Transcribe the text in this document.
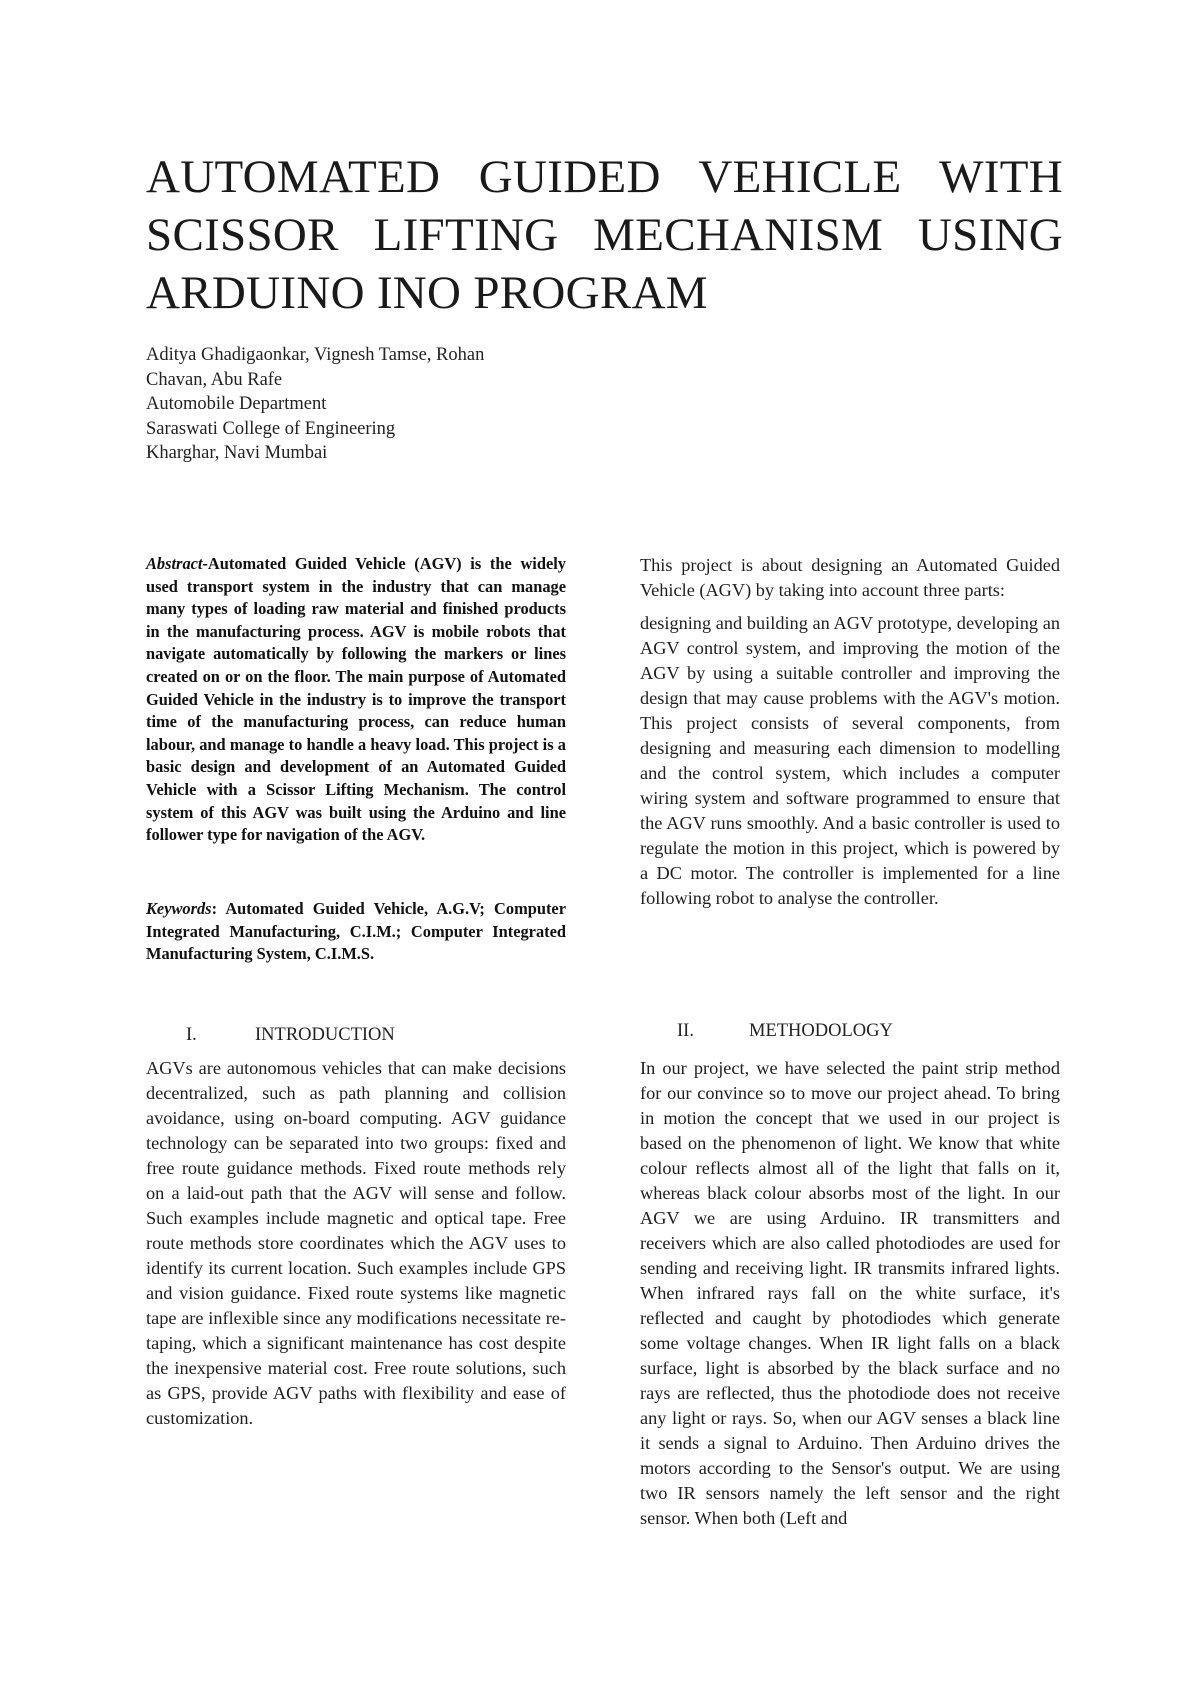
AUTOMATED GUIDED VEHICLE WITH
SCISSOR LIFTING MECHANISM USING
ARDUINO INO PROGRAM
Aditya Ghadigaonkar, Vignesh Tamse, Rohan
Chavan, Abu Rafe
Automobile Department
Saraswati College of Engineering
Kharghar, Navi Mumbai
Abstract-Automated Guided Vehicle (AGV) is the widely used transport system in the industry that can manage many types of loading raw material and finished products in the manufacturing process. AGV is mobile robots that navigate automatically by following the markers or lines created on or on the floor. The main purpose of Automated Guided Vehicle in the industry is to improve the transport time of the manufacturing process, can reduce human labour, and manage to handle a heavy load. This project is a basic design and development of an Automated Guided Vehicle with a Scissor Lifting Mechanism. The control system of this AGV was built using the Arduino and line follower type for navigation of the AGV.
Keywords: Automated Guided Vehicle, A.G.V; Computer Integrated Manufacturing, C.I.M.; Computer Integrated Manufacturing System, C.I.M.S.
I.	INTRODUCTION

AGVs are autonomous vehicles that can make decisions decentralized, such as path planning and collision avoidance, using on-board computing. AGV guidance technology can be separated into two groups: fixed and free route guidance methods. Fixed route methods rely on a laid-out path that the AGV will sense and follow. Such examples include magnetic and optical tape. Free route methods store coordinates which the AGV uses to identify its current location. Such examples include GPS and vision guidance. Fixed route systems like magnetic tape are inflexible since any modifications necessitate re-taping, which a significant maintenance has cost despite the inexpensive material cost. Free route solutions, such as GPS, provide AGV paths with flexibility and ease of customization.

This project is about designing an Automated Guided Vehicle (AGV) by taking into account three parts:

designing and building an AGV prototype, developing an AGV control system, and improving the motion of the AGV by using a suitable controller and improving the design that may cause problems with the AGV's motion. This project consists of several components, from designing and measuring each dimension to modelling and the control system, which includes a computer wiring system and software programmed to ensure that the AGV runs smoothly. And a basic controller is used to regulate the motion in this project, which is powered by a DC motor. The controller is implemented for a line following robot to analyse the controller.

II.	METHODOLOGY

In our project, we have selected the paint strip method for our convince so to move our project ahead. To bring in motion the concept that we used in our project is based on the phenomenon of light. We know that white colour reflects almost all of the light that falls on it, whereas black colour absorbs most of the light. In our AGV we are using Arduino. IR transmitters and receivers which are also called photodiodes are used for sending and receiving light. IR transmits infrared lights. When infrared rays fall on the white surface, it's reflected and caught by photodiodes which generate some voltage changes. When IR light falls on a black surface, light is absorbed by the black surface and no rays are reflected, thus the photodiode does not receive any light or rays. So, when our AGV senses a black line it sends a signal to Arduino. Then Arduino drives the motors according to the Sensor's output. We are using two IR sensors namely the left sensor and the right sensor. When both (Left and
